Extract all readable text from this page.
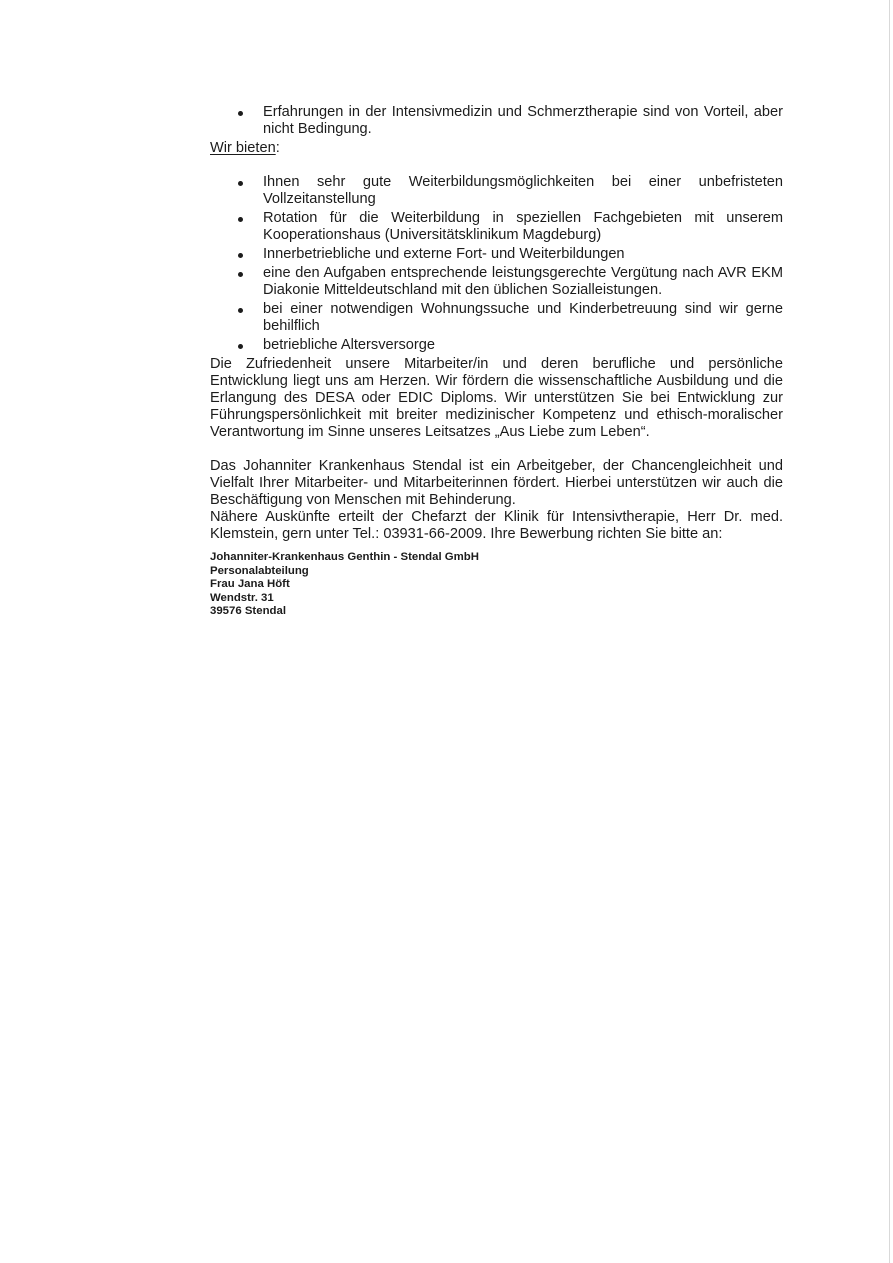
Erfahrungen in der Intensivmedizin und Schmerztherapie sind von Vorteil, aber nicht Bedingung.
Wir bieten:
Ihnen sehr gute Weiterbildungsmöglichkeiten bei einer unbefristeten Vollzeitanstellung
Rotation für die Weiterbildung in speziellen Fachgebieten mit unserem Kooperationshaus (Universitätsklinikum Magdeburg)
Innerbetriebliche und externe Fort- und Weiterbildungen
eine den Aufgaben entsprechende leistungsgerechte Vergütung nach AVR EKM Diakonie Mitteldeutschland mit den üblichen Sozialleistungen.
bei einer notwendigen Wohnungssuche und Kinderbetreuung sind wir gerne behilflich
betriebliche Altersversorge

Die Zufriedenheit unsere Mitarbeiter/in und deren berufliche und persönliche Entwicklung liegt uns am Herzen. Wir fördern die wissenschaftliche Ausbildung und die Erlangung des DESA oder EDIC Diploms. Wir unterstützen Sie bei Entwicklung zur Führungspersönlichkeit mit breiter medizinischer Kompetenz und ethisch-moralischer Verantwortung im Sinne unseres Leitsatzes „Aus Liebe zum Leben“.

Das Johanniter Krankenhaus Stendal ist ein Arbeitgeber, der Chancengleichheit und Vielfalt Ihrer Mitarbeiter- und Mitarbeiterinnen fördert. Hierbei unterstützen wir auch die Beschäftigung von Menschen mit Behinderung.

Nähere Auskünfte erteilt der Chefarzt der Klinik für Intensivtherapie, Herr Dr. med. Klemstein, gern unter Tel.: 03931-66-2009. Ihre Bewerbung richten Sie bitte an:

Johanniter-Krankenhaus Genthin - Stendal GmbH
Personalabteilung
Frau Jana Höft
Wendstr. 31
39576 Stendal
